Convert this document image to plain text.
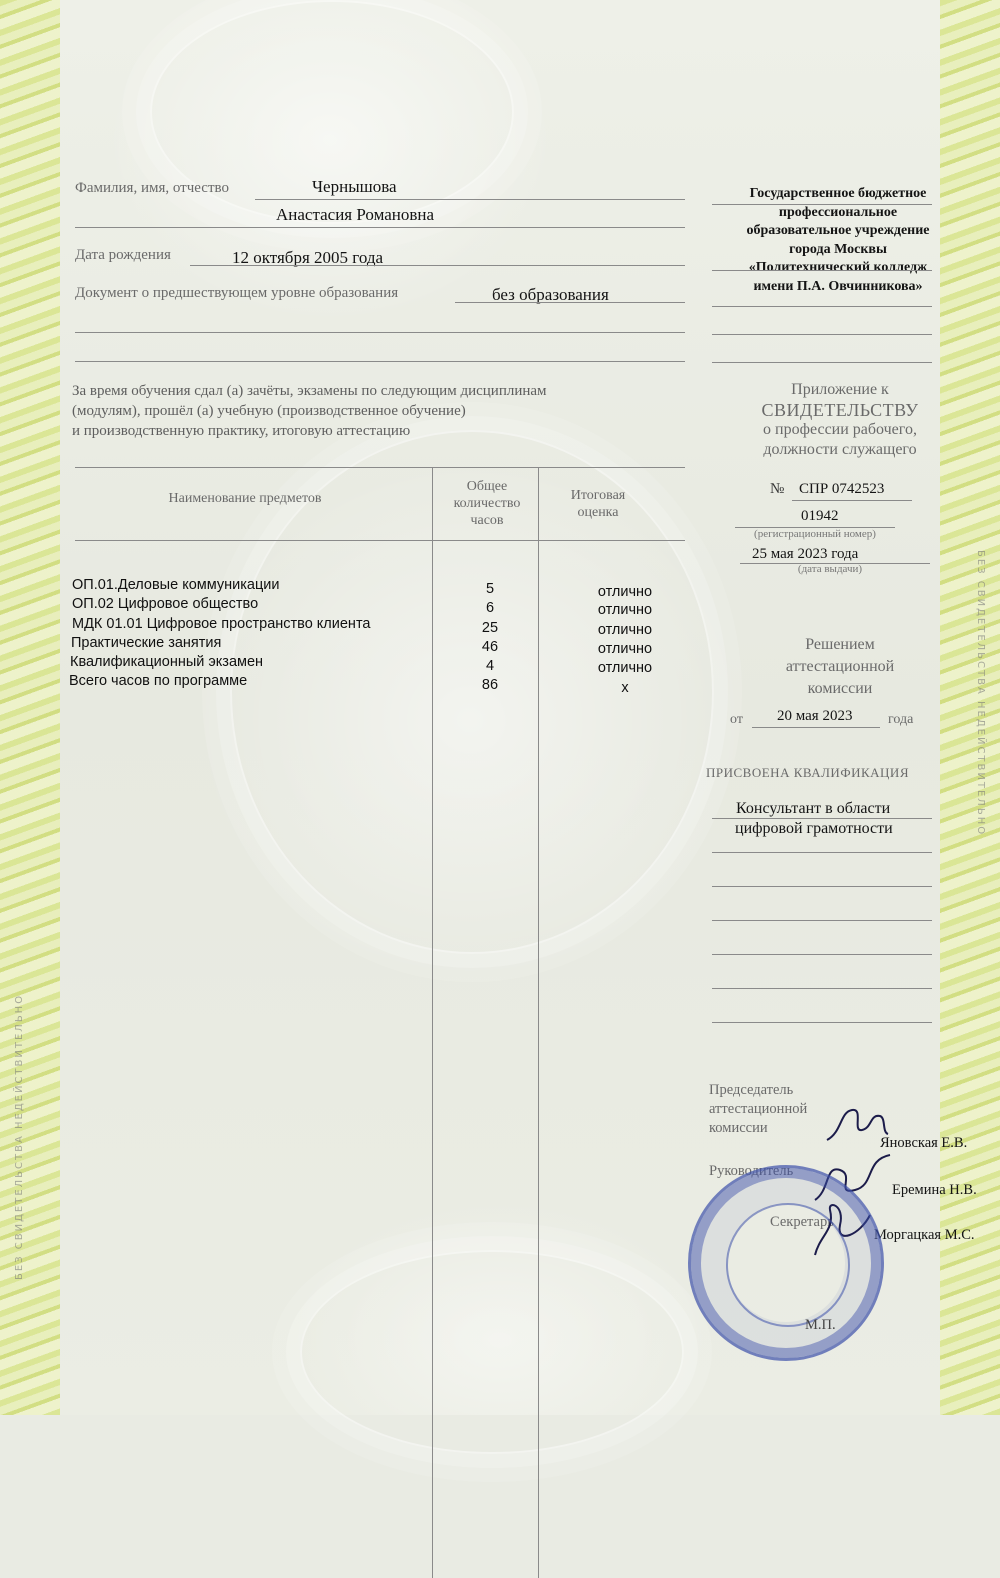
БЕЗ СВИДЕТЕЛЬСТВА НЕДЕЙСТВИТЕЛЬНО
БЕЗ СВИДЕТЕЛЬСТВА НЕДЕЙСТВИТЕЛЬНО
Фамилия, имя, отчество	Чернышова
Анастасия Романовна
Дата рождения	12 октября 2005 года
Документ о предшествующем уровне образования	без образования
За время обучения сдал (а) зачёты, экзамены по следующим дисциплинам
(модулям), прошёл (а) учебную (производственное обучение)
и производственную практику, итоговую аттестацию
Наименование предметов
Общее
количество
часов
Итоговая
оценка
ОП.01.Деловые коммуникации	5	отлично
ОП.02 Цифровое общество	6	отлично
МДК 01.01 Цифровое пространство клиента	25	отлично
Практические занятия	46	отлично
Квалификационный экзамен	4	отлично
Всего часов по программе	86	х
Государственное бюджетное
профессиональное
образовательное учреждение
города Москвы
«Политехнический колледж
имени П.А. Овчинникова»
Приложение к
СВИДЕТЕЛЬСТВУ
о профессии рабочего,
должности служащего
№ СПР 0742523
01942
(регистрационный номер)
25 мая 2023 года
(дата выдачи)
Решением
аттестационной
комиссии
от 20 мая 2023	года
ПРИСВОЕНА КВАЛИФИКАЦИЯ
Консультант в области
цифровой грамотности
Председатель
аттестационной
комиссии
Яновская Е.В.
Руководитель
Еремина Н.В.
Секретарь
Моргацкая М.С.
М.П.
